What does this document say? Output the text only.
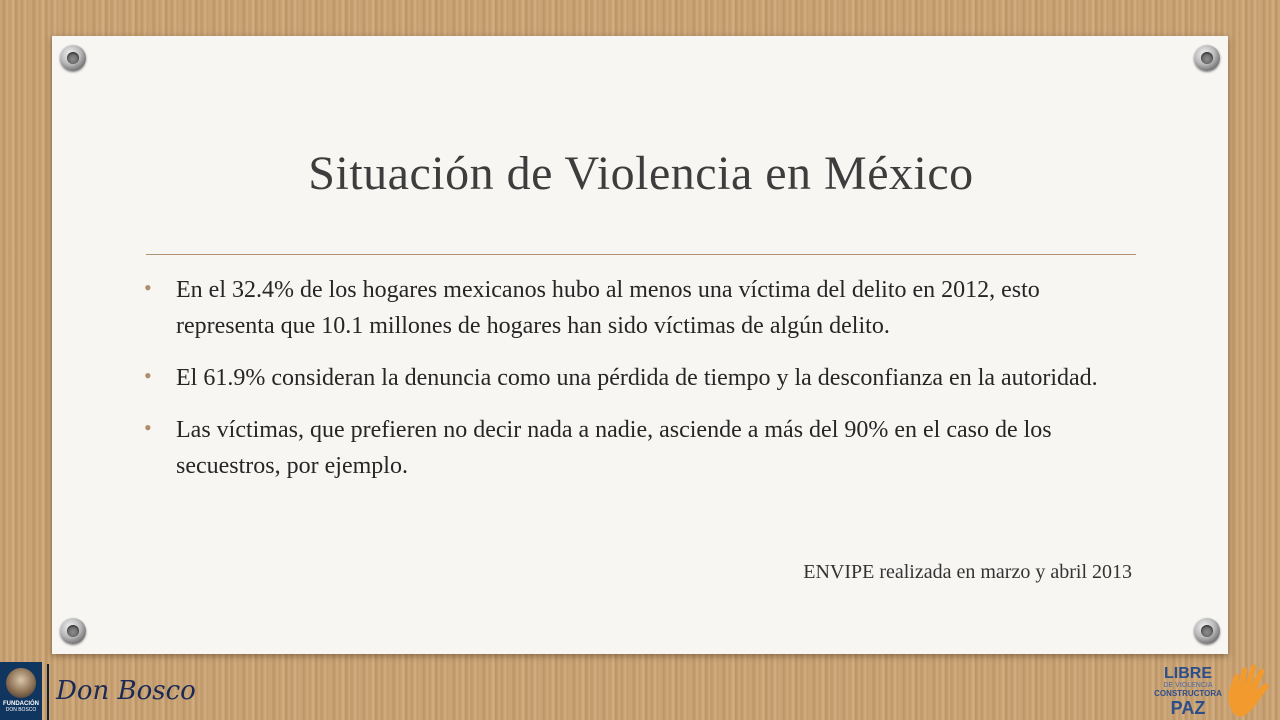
Situación de Violencia en México
• En el 32.4% de los hogares mexicanos hubo al menos una víctima del delito en 2012, esto representa que 10.1 millones de hogares han sido víctimas de algún delito.
• El 61.9% consideran la denuncia como una pérdida de tiempo y la desconfianza en la autoridad.
• Las víctimas, que prefieren no decir nada a nadie, asciende a más del 90% en el caso de los secuestros, por ejemplo.
ENVIPE realizada en marzo y abril 2013
FUNDACIÓN
DON BOSCO
Don Bosco
LIBRE
DE VIOLENCIA
CONSTRUCTORA
PAZ
